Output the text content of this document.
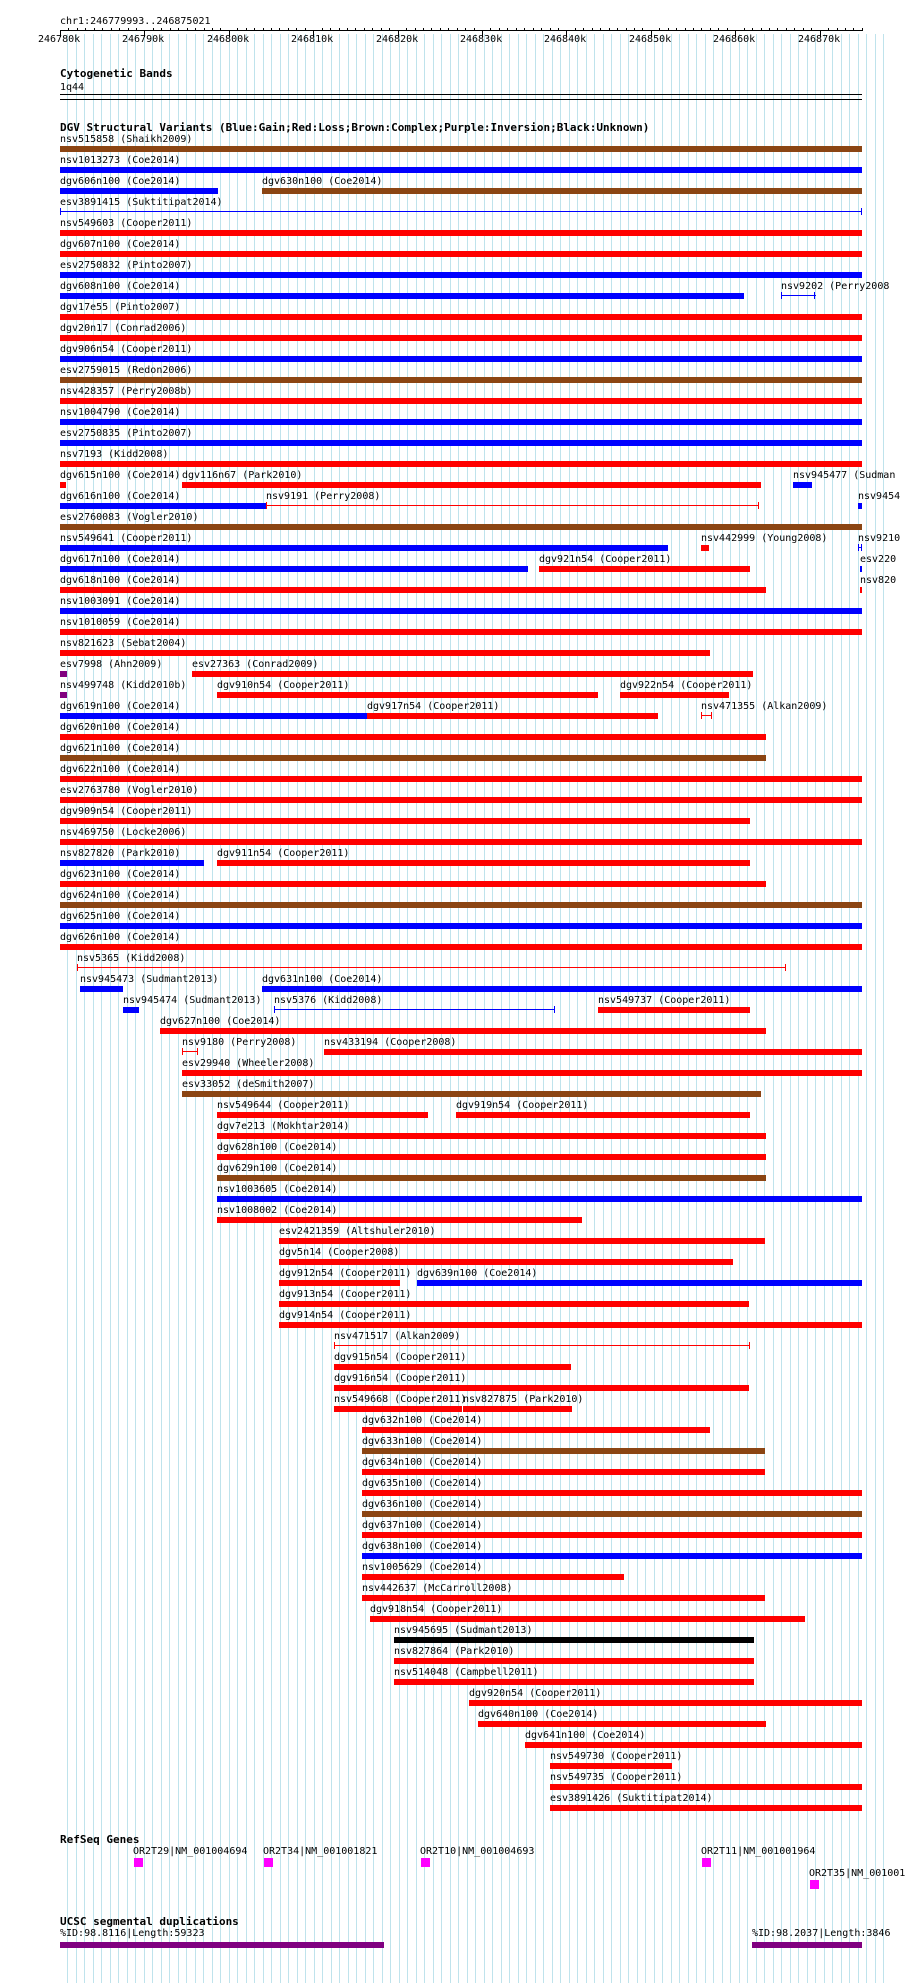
chr1:246779993..246875021
246780k	246790k	246800k	246810k	246820k	246830k	246840k	246850k	246860k	246870k
Cytogenetic Bands
1q44
DGV Structural Variants (Blue:Gain;Red:Loss;Brown:Complex;Purple:Inversion;Black:Unknown)
nsv515858 (Shaikh2009)
nsv1013273 (Coe2014)
dgv606n100 (Coe2014)	dgv630n100 (Coe2014)
esv3891415 (Suktitipat2014)
nsv549603 (Cooper2011)
dgv607n100 (Coe2014)
esv2750832 (Pinto2007)
dgv608n100 (Coe2014)	nsv9202 (Perry2008
dgv17e55 (Pinto2007)
dgv20n17 (Conrad2006)
dgv906n54 (Cooper2011)
esv2759015 (Redon2006)
nsv428357 (Perry2008b)
nsv1004790 (Coe2014)
esv2750835 (Pinto2007)
nsv7193 (Kidd2008)
dgv615n100 (Coe2014) dgv116n67 (Park2010)	nsv945477 (Sudman
dgv616n100 (Coe2014)	nsv9191 (Perry2008)	nsv9454
esv2760083 (Vogler2010)
nsv549641 (Cooper2011)	nsv442999 (Young2008)	nsv9210
dgv617n100 (Coe2014)	dgv921n54 (Cooper2011)	esv220
dgv618n100 (Coe2014)	nsv820
nsv1003091 (Coe2014)
nsv1010059 (Coe2014)
nsv821623 (Sebat2004)
esv7998 (Ahn2009)	esv27363 (Conrad2009)
nsv499748 (Kidd2010b)	dgv910n54 (Cooper2011)	dgv922n54 (Cooper2011)
dgv619n100 (Coe2014)	dgv917n54 (Cooper2011)	nsv471355 (Alkan2009)
dgv620n100 (Coe2014)
dgv621n100 (Coe2014)
dgv622n100 (Coe2014)
esv2763780 (Vogler2010)
dgv909n54 (Cooper2011)
nsv469750 (Locke2006)
nsv827820 (Park2010)	dgv911n54 (Cooper2011)
dgv623n100 (Coe2014)
dgv624n100 (Coe2014)
dgv625n100 (Coe2014)
dgv626n100 (Coe2014)
nsv5365 (Kidd2008)
nsv945473 (Sudmant2013)	dgv631n100 (Coe2014)
nsv945474 (Sudmant2013) nsv5376 (Kidd2008)	nsv549737 (Cooper2011)
dgv627n100 (Coe2014)
nsv9180 (Perry2008)	nsv433194 (Cooper2008)
esv29940 (Wheeler2008)
esv33052 (deSmith2007)
nsv549644 (Cooper2011)	dgv919n54 (Cooper2011)
dgv7e213 (Mokhtar2014)
dgv628n100 (Coe2014)
dgv629n100 (Coe2014)
nsv1003605 (Coe2014)
nsv1008002 (Coe2014)
esv2421359 (Altshuler2010)
dgv5n14 (Cooper2008)
dgv912n54 (Cooper2011) dgv639n100 (Coe2014)
dgv913n54 (Cooper2011)
dgv914n54 (Cooper2011)
nsv471517 (Alkan2009)
dgv915n54 (Cooper2011)
dgv916n54 (Cooper2011)
nsv549668 (Cooper2011)
nsv827875 (Park2010)
dgv632n100 (Coe2014)
dgv633n100 (Coe2014)
dgv634n100 (Coe2014)
dgv635n100 (Coe2014)
dgv636n100 (Coe2014)
dgv637n100 (Coe2014)
dgv638n100 (Coe2014)
nsv1005629 (Coe2014)
nsv442637 (McCarroll2008)
dgv918n54 (Cooper2011)
nsv945695 (Sudmant2013)
nsv827864 (Park2010)
nsv514048 (Campbell2011)
dgv920n54 (Cooper2011)
dgv640n100 (Coe2014)
dgv641n100 (Coe2014)
nsv549730 (Cooper2011)
nsv549735 (Cooper2011)
esv3891426 (Suktitipat2014)
RefSeq Genes
OR2T29|NM_001004694 OR2T34|NM_001001821	OR2T10|NM_001004693	OR2T11|NM_001001964
OR2T35|NM_001001
UCSC segmental duplications
%ID:98.8116|Length:59323	%ID:98.2037|Length:3846
